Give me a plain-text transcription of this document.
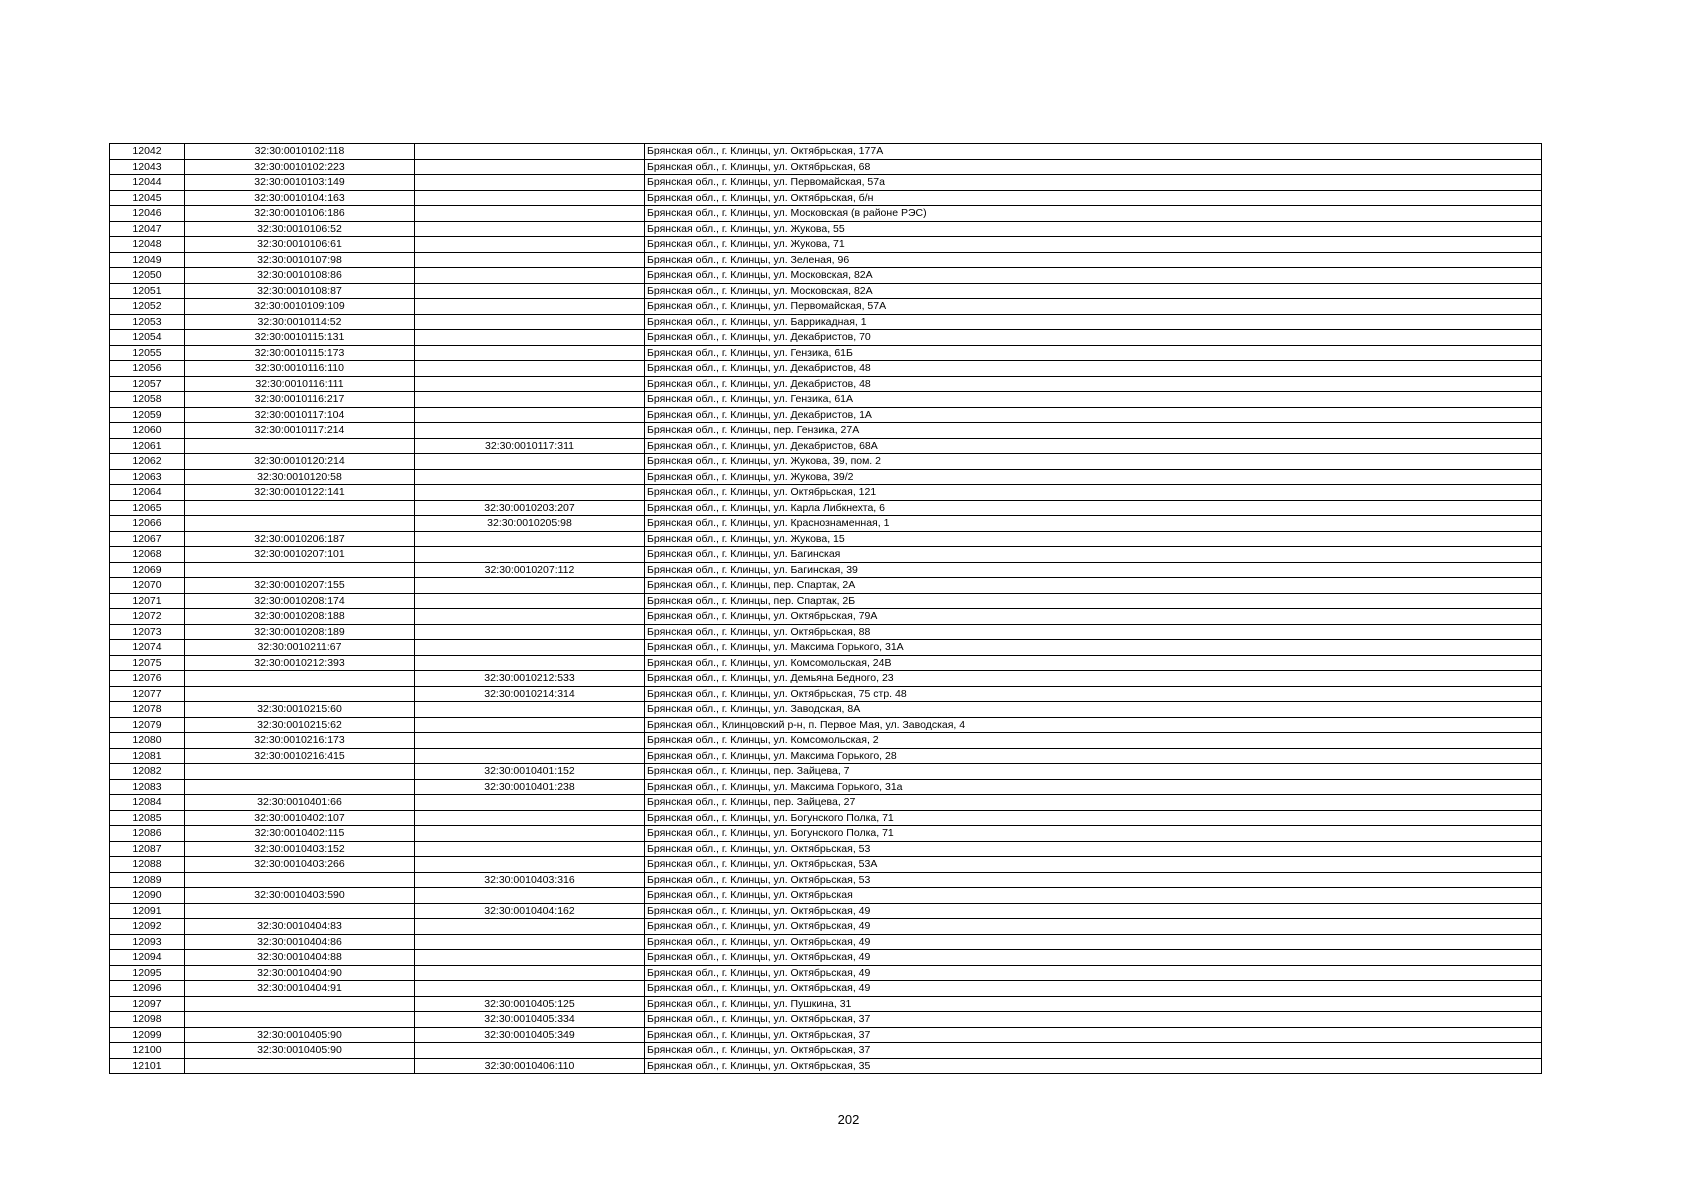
12042	32:30:0010102:118		Брянская обл., г. Клинцы, ул. Октябрьская, 177А
12043	32:30:0010102:223		Брянская обл., г. Клинцы, ул. Октябрьская, 68
12044	32:30:0010103:149		Брянская обл., г. Клинцы, ул. Первомайская, 57а
12045	32:30:0010104:163		Брянская обл., г. Клинцы, ул. Октябрьская, б/н
12046	32:30:0010106:186		Брянская обл., г. Клинцы, ул. Московская (в районе РЭС)
12047	32:30:0010106:52		Брянская обл., г. Клинцы, ул. Жукова, 55
12048	32:30:0010106:61		Брянская обл., г. Клинцы, ул. Жукова, 71
12049	32:30:0010107:98		Брянская обл., г. Клинцы, ул. Зеленая, 96
12050	32:30:0010108:86		Брянская обл., г. Клинцы, ул. Московская, 82А
12051	32:30:0010108:87		Брянская обл., г. Клинцы, ул. Московская, 82А
12052	32:30:0010109:109		Брянская обл., г. Клинцы, ул. Первомайская, 57А
12053	32:30:0010114:52		Брянская обл., г. Клинцы, ул. Баррикадная, 1
12054	32:30:0010115:131		Брянская обл., г. Клинцы, ул. Декабристов, 70
12055	32:30:0010115:173		Брянская обл., г. Клинцы, ул. Гензика, 61Б
12056	32:30:0010116:110		Брянская обл., г. Клинцы, ул. Декабристов, 48
12057	32:30:0010116:111		Брянская обл., г. Клинцы, ул. Декабристов, 48
12058	32:30:0010116:217		Брянская обл., г. Клинцы, ул. Гензика, 61А
12059	32:30:0010117:104		Брянская обл., г. Клинцы, ул. Декабристов, 1А
12060	32:30:0010117:214		Брянская обл., г. Клинцы, пер. Гензика, 27А
12061		32:30:0010117:311	Брянская обл., г. Клинцы, ул. Декабристов, 68А
12062	32:30:0010120:214		Брянская обл., г. Клинцы, ул. Жукова, 39, пом. 2
12063	32:30:0010120:58		Брянская обл., г. Клинцы, ул. Жукова, 39/2
12064	32:30:0010122:141		Брянская обл., г. Клинцы, ул. Октябрьская, 121
12065		32:30:0010203:207	Брянская обл., г. Клинцы, ул. Карла Либкнехта, 6
12066		32:30:0010205:98	Брянская обл., г. Клинцы, ул. Краснознаменная, 1
12067	32:30:0010206:187		Брянская обл., г. Клинцы, ул. Жукова, 15
12068	32:30:0010207:101		Брянская обл., г. Клинцы, ул. Багинская
12069		32:30:0010207:112	Брянская обл., г. Клинцы, ул. Багинская, 39
12070	32:30:0010207:155		Брянская обл., г. Клинцы, пер. Спартак, 2А
12071	32:30:0010208:174		Брянская обл., г. Клинцы, пер. Спартак, 2Б
12072	32:30:0010208:188		Брянская обл., г. Клинцы, ул. Октябрьская, 79А
12073	32:30:0010208:189		Брянская обл., г. Клинцы, ул. Октябрьская, 88
12074	32:30:0010211:67		Брянская обл., г. Клинцы, ул. Максима Горького, 31А
12075	32:30:0010212:393		Брянская обл., г. Клинцы, ул. Комсомольская, 24В
12076		32:30:0010212:533	Брянская обл., г. Клинцы, ул. Демьяна Бедного, 23
12077		32:30:0010214:314	Брянская обл., г. Клинцы, ул. Октябрьская, 75 стр. 48
12078	32:30:0010215:60		Брянская обл., г. Клинцы, ул. Заводская, 8А
12079	32:30:0010215:62		Брянская обл., Клинцовский р-н, п. Первое Мая, ул. Заводская, 4
12080	32:30:0010216:173		Брянская обл., г. Клинцы, ул. Комсомольская, 2
12081	32:30:0010216:415		Брянская обл., г. Клинцы, ул. Максима Горького, 28
12082		32:30:0010401:152	Брянская обл., г. Клинцы, пер. Зайцева, 7
12083		32:30:0010401:238	Брянская обл., г. Клинцы, ул. Максима Горького, 31а
12084	32:30:0010401:66		Брянская обл., г. Клинцы, пер. Зайцева, 27
12085	32:30:0010402:107		Брянская обл., г. Клинцы, ул. Богунского Полка, 71
12086	32:30:0010402:115		Брянская обл., г. Клинцы, ул. Богунского Полка, 71
12087	32:30:0010403:152		Брянская обл., г. Клинцы, ул. Октябрьская, 53
12088	32:30:0010403:266		Брянская обл., г. Клинцы, ул. Октябрьская, 53А
12089		32:30:0010403:316	Брянская обл., г. Клинцы, ул. Октябрьская, 53
12090	32:30:0010403:590		Брянская обл., г. Клинцы, ул. Октябрьская
12091		32:30:0010404:162	Брянская обл., г. Клинцы, ул. Октябрьская, 49
12092	32:30:0010404:83		Брянская обл., г. Клинцы, ул. Октябрьская, 49
12093	32:30:0010404:86		Брянская обл., г. Клинцы, ул. Октябрьская, 49
12094	32:30:0010404:88		Брянская обл., г. Клинцы, ул. Октябрьская, 49
12095	32:30:0010404:90		Брянская обл., г. Клинцы, ул. Октябрьская, 49
12096	32:30:0010404:91		Брянская обл., г. Клинцы, ул. Октябрьская, 49
12097		32:30:0010405:125	Брянская обл., г. Клинцы, ул. Пушкина, 31
12098		32:30:0010405:334	Брянская обл., г. Клинцы, ул. Октябрьская, 37
12099	32:30:0010405:90	32:30:0010405:349	Брянская обл., г. Клинцы, ул. Октябрьская, 37
12100	32:30:0010405:90		Брянская обл., г. Клинцы, ул. Октябрьская, 37
12101		32:30:0010406:110	Брянская обл., г. Клинцы, ул. Октябрьская, 35
202
